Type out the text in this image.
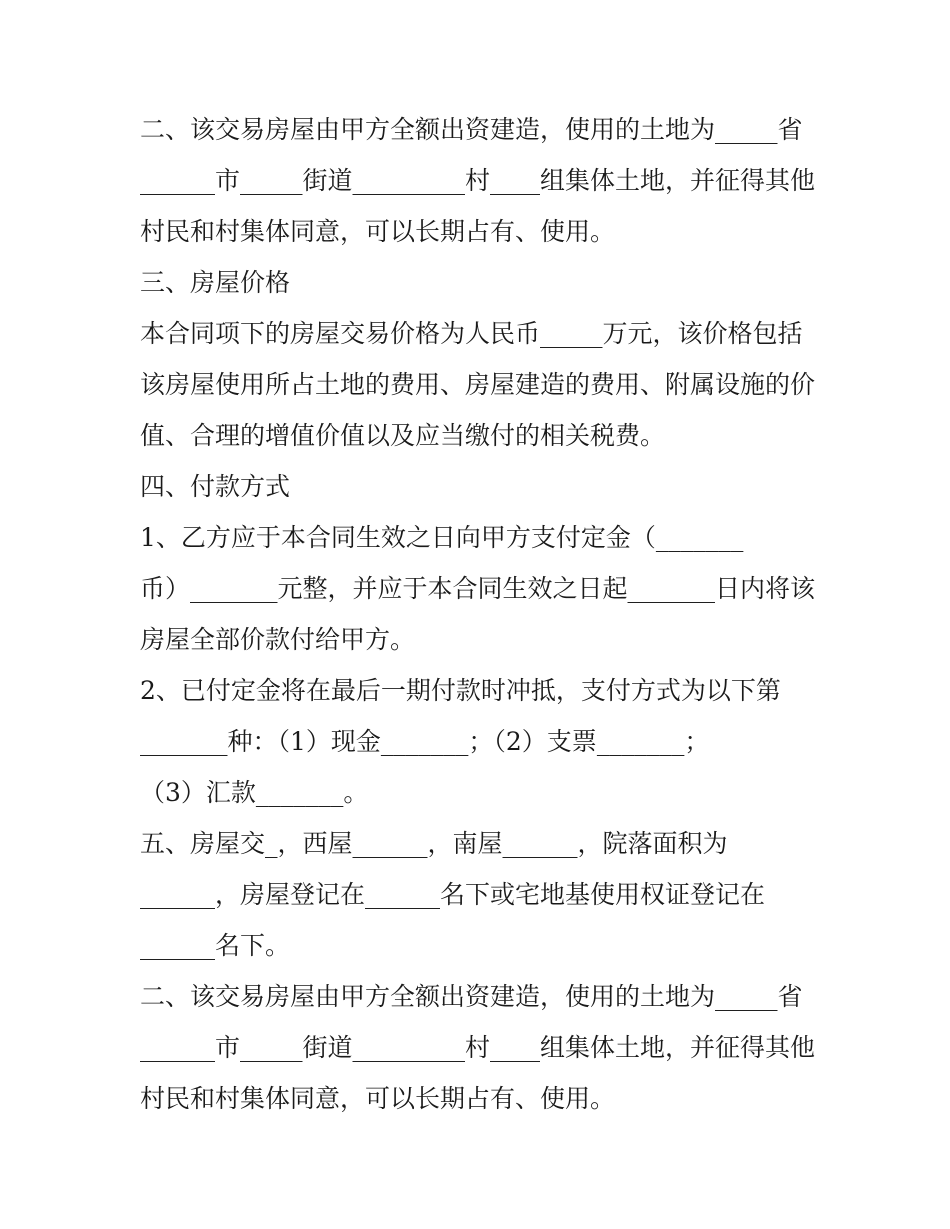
二、该交易房屋由甲方全额出资建造，使用的土地为_____省
______市_____街道_________村____组集体土地，并征得其他
村民和村集体同意，可以长期占有、使用。
三、房屋价格
本合同项下的房屋交易价格为人民币_____万元，该价格包括
该房屋使用所占土地的费用、房屋建造的费用、附属设施的价
值、合理的增值价值以及应当缴付的相关税费。
四、付款方式
1、乙方应于本合同生效之日向甲方支付定金（_______
币）_______元整，并应于本合同生效之日起_______日内将该
房屋全部价款付给甲方。
2、已付定金将在最后一期付款时冲抵，支付方式为以下第
_______种：（1）现金_______；（2）支票_______；
（3）汇款_______。
五、房屋交_，西屋______，南屋______，院落面积为
______，房屋登记在______名下或宅地基使用权证登记在
______名下。
二、该交易房屋由甲方全额出资建造，使用的土地为_____省
______市_____街道_________村____组集体土地，并征得其他
村民和村集体同意，可以长期占有、使用。
